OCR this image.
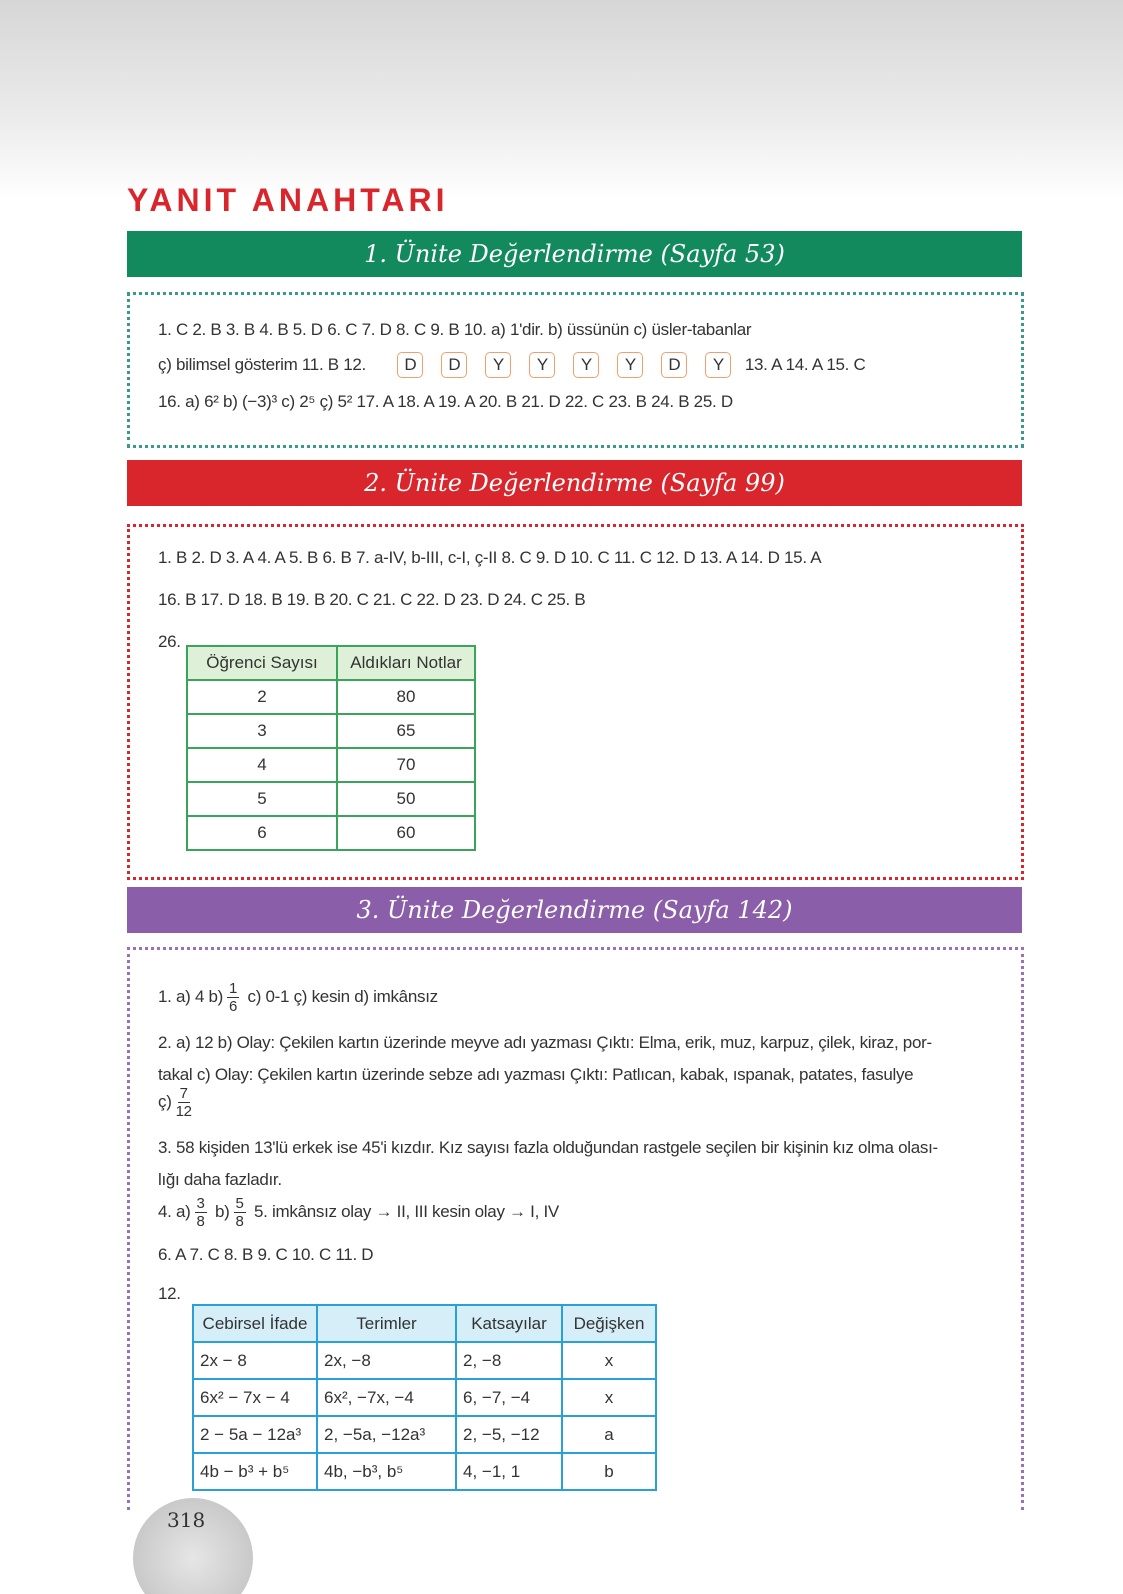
YANIT ANAHTARI
1. Ünite Değerlendirme (Sayfa 53)
1. C 2. B 3. B 4. B 5. D 6. C 7. D 8. C 9. B 10. a) 1'dir. b) üssünün c) üsler-tabanlar
ç) bilimsel gösterim 11. B 12. D D Y Y Y Y D Y 13. A 14. A 15. C
16. a) 6² b) (−3)³ c) 2⁵ ç) 5² 17. A 18. A 19. A 20. B 21. D 22. C 23. B 24. B 25. D
2. Ünite Değerlendirme (Sayfa 99)
1. B 2. D 3. A 4. A 5. B 6. B 7. a-IV, b-III, c-I, ç-II 8. C 9. D 10. C 11. C 12. D 13. A 14. D 15. A
16. B 17. D 18. B 19. B 20. C 21. C 22. D 23. D 24. C 25. B
26.
Öğrenci Sayısı	Aldıkları Notlar
2	80
3	65
4	70
5	50
6	60
3. Ünite Değerlendirme (Sayfa 142)
1. a) 4 $b) \frac{1}{6} c$) 0-1 ç) kesin d) imkânsız
2. a) 12 b) Olay: Çekilen kartın üzerinde meyve adı yazması Çıktı: Elma, erik, muz, karpuz, çilek, kiraz, por-
takal c) Olay: Çekilen kartın üzerinde sebze adı yazması Çıktı: Patlıcan, kabak, ıspanak, patates, fasulye
ç) $\frac{7}{12}$
3. 58 kişiden 13'lü erkek ise 45'i kızdır. Kız sayısı fazla olduğundan rastgele seçilen bir kişinin kız olma olası-
lığı daha fazladır.
4. $a) \frac{3}{8} b) \frac{5}{8} 5$. imkânsız olay → II, III kesin olay → I, IV
6. A 7. C 8. B 9. C 10. C 11. D
12.
Cebirsel İfade	Terimler	Katsayılar	Değişken
2x − 8	2x, −8	2, −8	x
6x² − 7x − 4	6x², −7x, −4	6, −7, −4	x
2 − 5a − 12a³	2, −5a, −12a³	2, −5, −12	a
4b − b³ + b⁵	4b, −b³, b⁵	4, −1, 1	b
318
